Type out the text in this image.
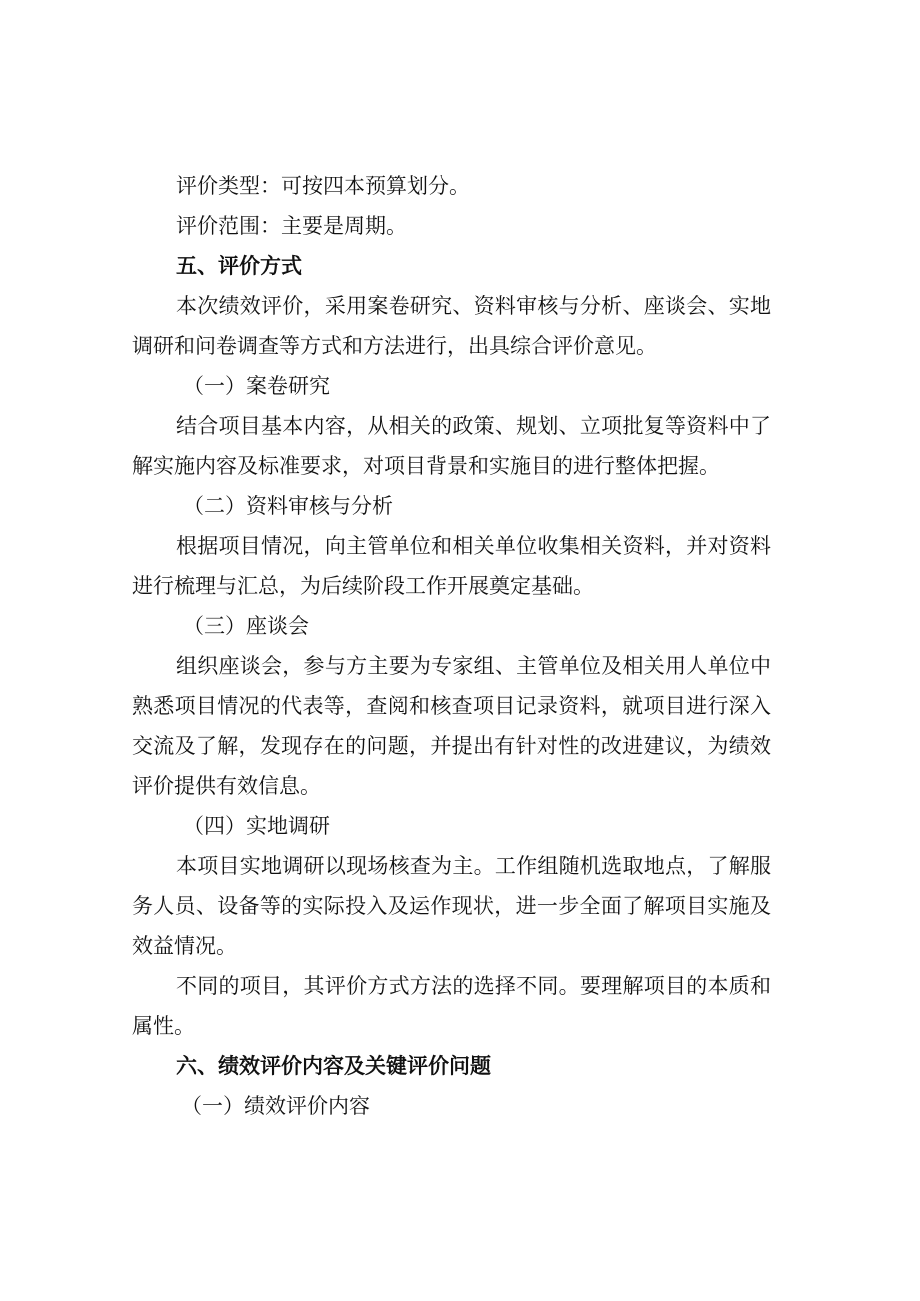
评价类型：可按四本预算划分。
评价范围：主要是周期。
五、评价方式
本次绩效评价，采用案卷研究、资料审核与分析、座谈会、实地
调研和问卷调查等方式和方法进行，出具综合评价意见。
（一）案卷研究
结合项目基本内容，从相关的政策、规划、立项批复等资料中了
解实施内容及标准要求，对项目背景和实施目的进行整体把握。
（二）资料审核与分析
根据项目情况，向主管单位和相关单位收集相关资料，并对资料
进行梳理与汇总，为后续阶段工作开展奠定基础。
（三）座谈会
组织座谈会，参与方主要为专家组、主管单位及相关用人单位中
熟悉项目情况的代表等，查阅和核查项目记录资料，就项目进行深入
交流及了解，发现存在的问题，并提出有针对性的改进建议，为绩效
评价提供有效信息。
（四）实地调研
本项目实地调研以现场核查为主。工作组随机选取地点，了解服
务人员、设备等的实际投入及运作现状，进一步全面了解项目实施及
效益情况。
不同的项目，其评价方式方法的选择不同。要理解项目的本质和
属性。
六、绩效评价内容及关键评价问题
（一）绩效评价内容
